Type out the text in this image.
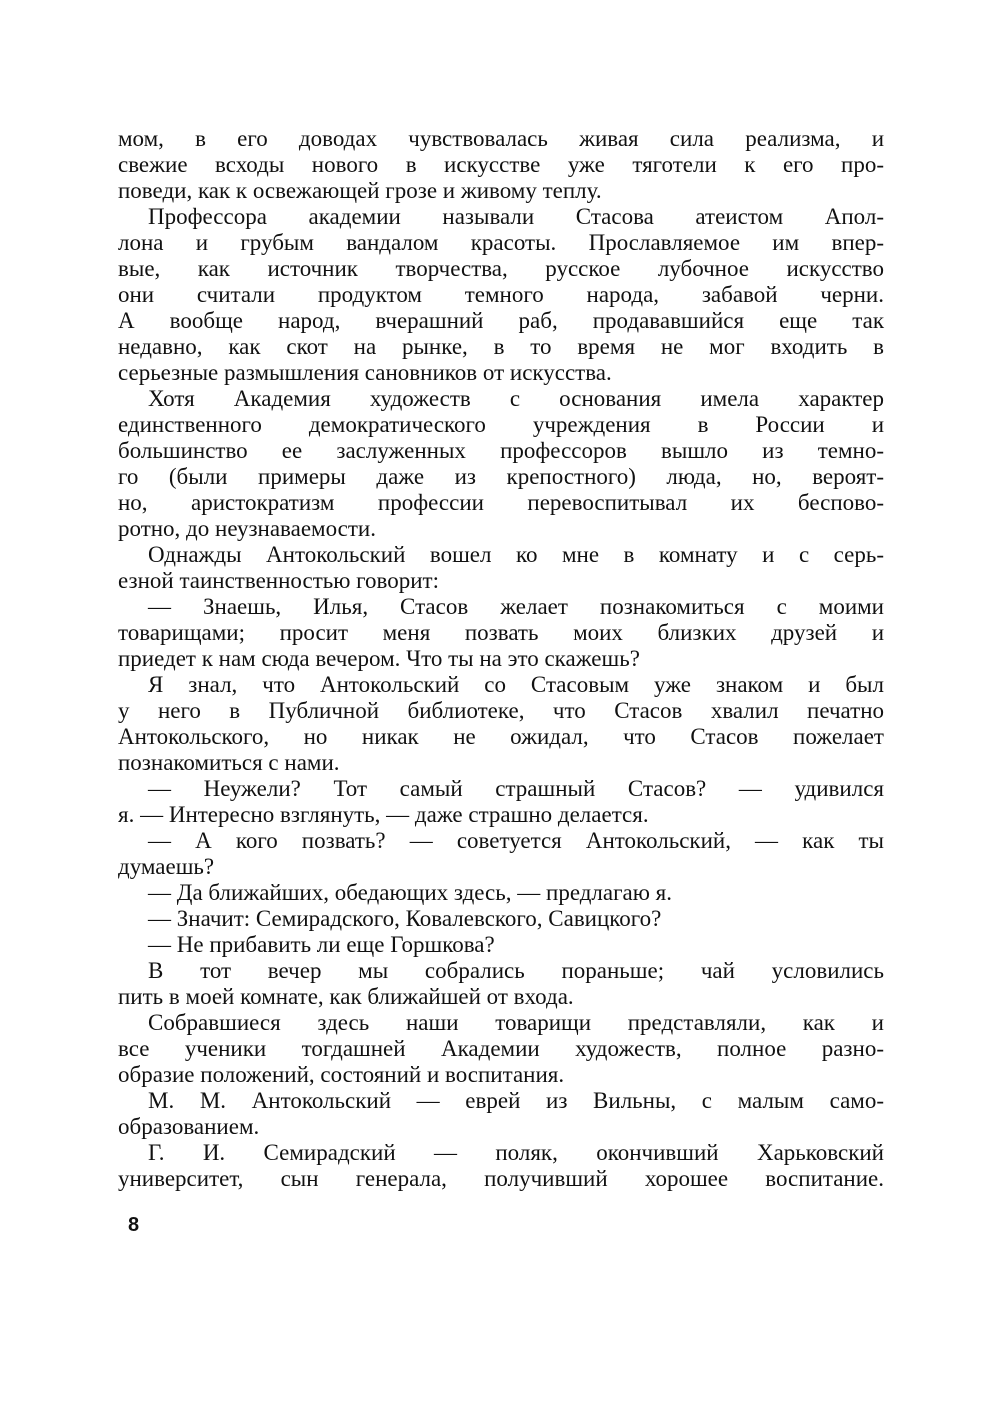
мом, в его доводах чувствовалась живая сила реализма, и
свежие всходы нового в искусстве уже тяготели к его про-
поведи, как к освежающей грозе и живому теплу.
Профессора академии называли Стасова атеистом Апол-
лона и грубым вандалом красоты. Прославляемое им впер-
вые, как источник творчества, русское лубочное искусство
они считали продуктом темного народа, забавой черни.
А вообще народ, вчерашний раб, продававшийся еще так
недавно, как скот на рынке, в то время не мог входить в
серьезные размышления сановников от искусства.
Хотя Академия художеств с основания имела характер
единственного демократического учреждения в России и
большинство ее заслуженных профессоров вышло из темно-
го (были примеры даже из крепостного) люда, но, вероят-
но, аристократизм профессии перевоспитывал их беспово-
ротно, до неузнаваемости.
Однажды Антокольский вошел ко мне в комнату и с серь-
езной таинственностью говорит:
— Знаешь, Илья, Стасов желает познакомиться с моими
товарищами; просит меня позвать моих близких друзей и
приедет к нам сюда вечером. Что ты на это скажешь?
Я знал, что Антокольский со Стасовым уже знаком и был
у него в Публичной библиотеке, что Стасов хвалил печатно
Антокольского, но никак не ожидал, что Стасов пожелает
познакомиться с нами.
— Неужели? Тот самый страшный Стасов? — удивился
я. — Интересно взглянуть, — даже страшно делается.
— А кого позвать? — советуется Антокольский, — как ты
думаешь?
— Да ближайших, обедающих здесь, — предлагаю я.
— Значит: Семирадского, Ковалевского, Савицкого?
— Не прибавить ли еще Горшкова?
В тот вечер мы собрались пораньше; чай условились
пить в моей комнате, как ближайшей от входа.
Собравшиеся здесь наши товарищи представляли, как и
все ученики тогдашней Академии художеств, полное разно-
образие положений, состояний и воспитания.
М. М. Антокольский — еврей из Вильны, с малым само-
образованием.
Г. И. Семирадский — поляк, окончивший Харьковский
университет, сын генерала, получивший хорошее воспитание.
8
